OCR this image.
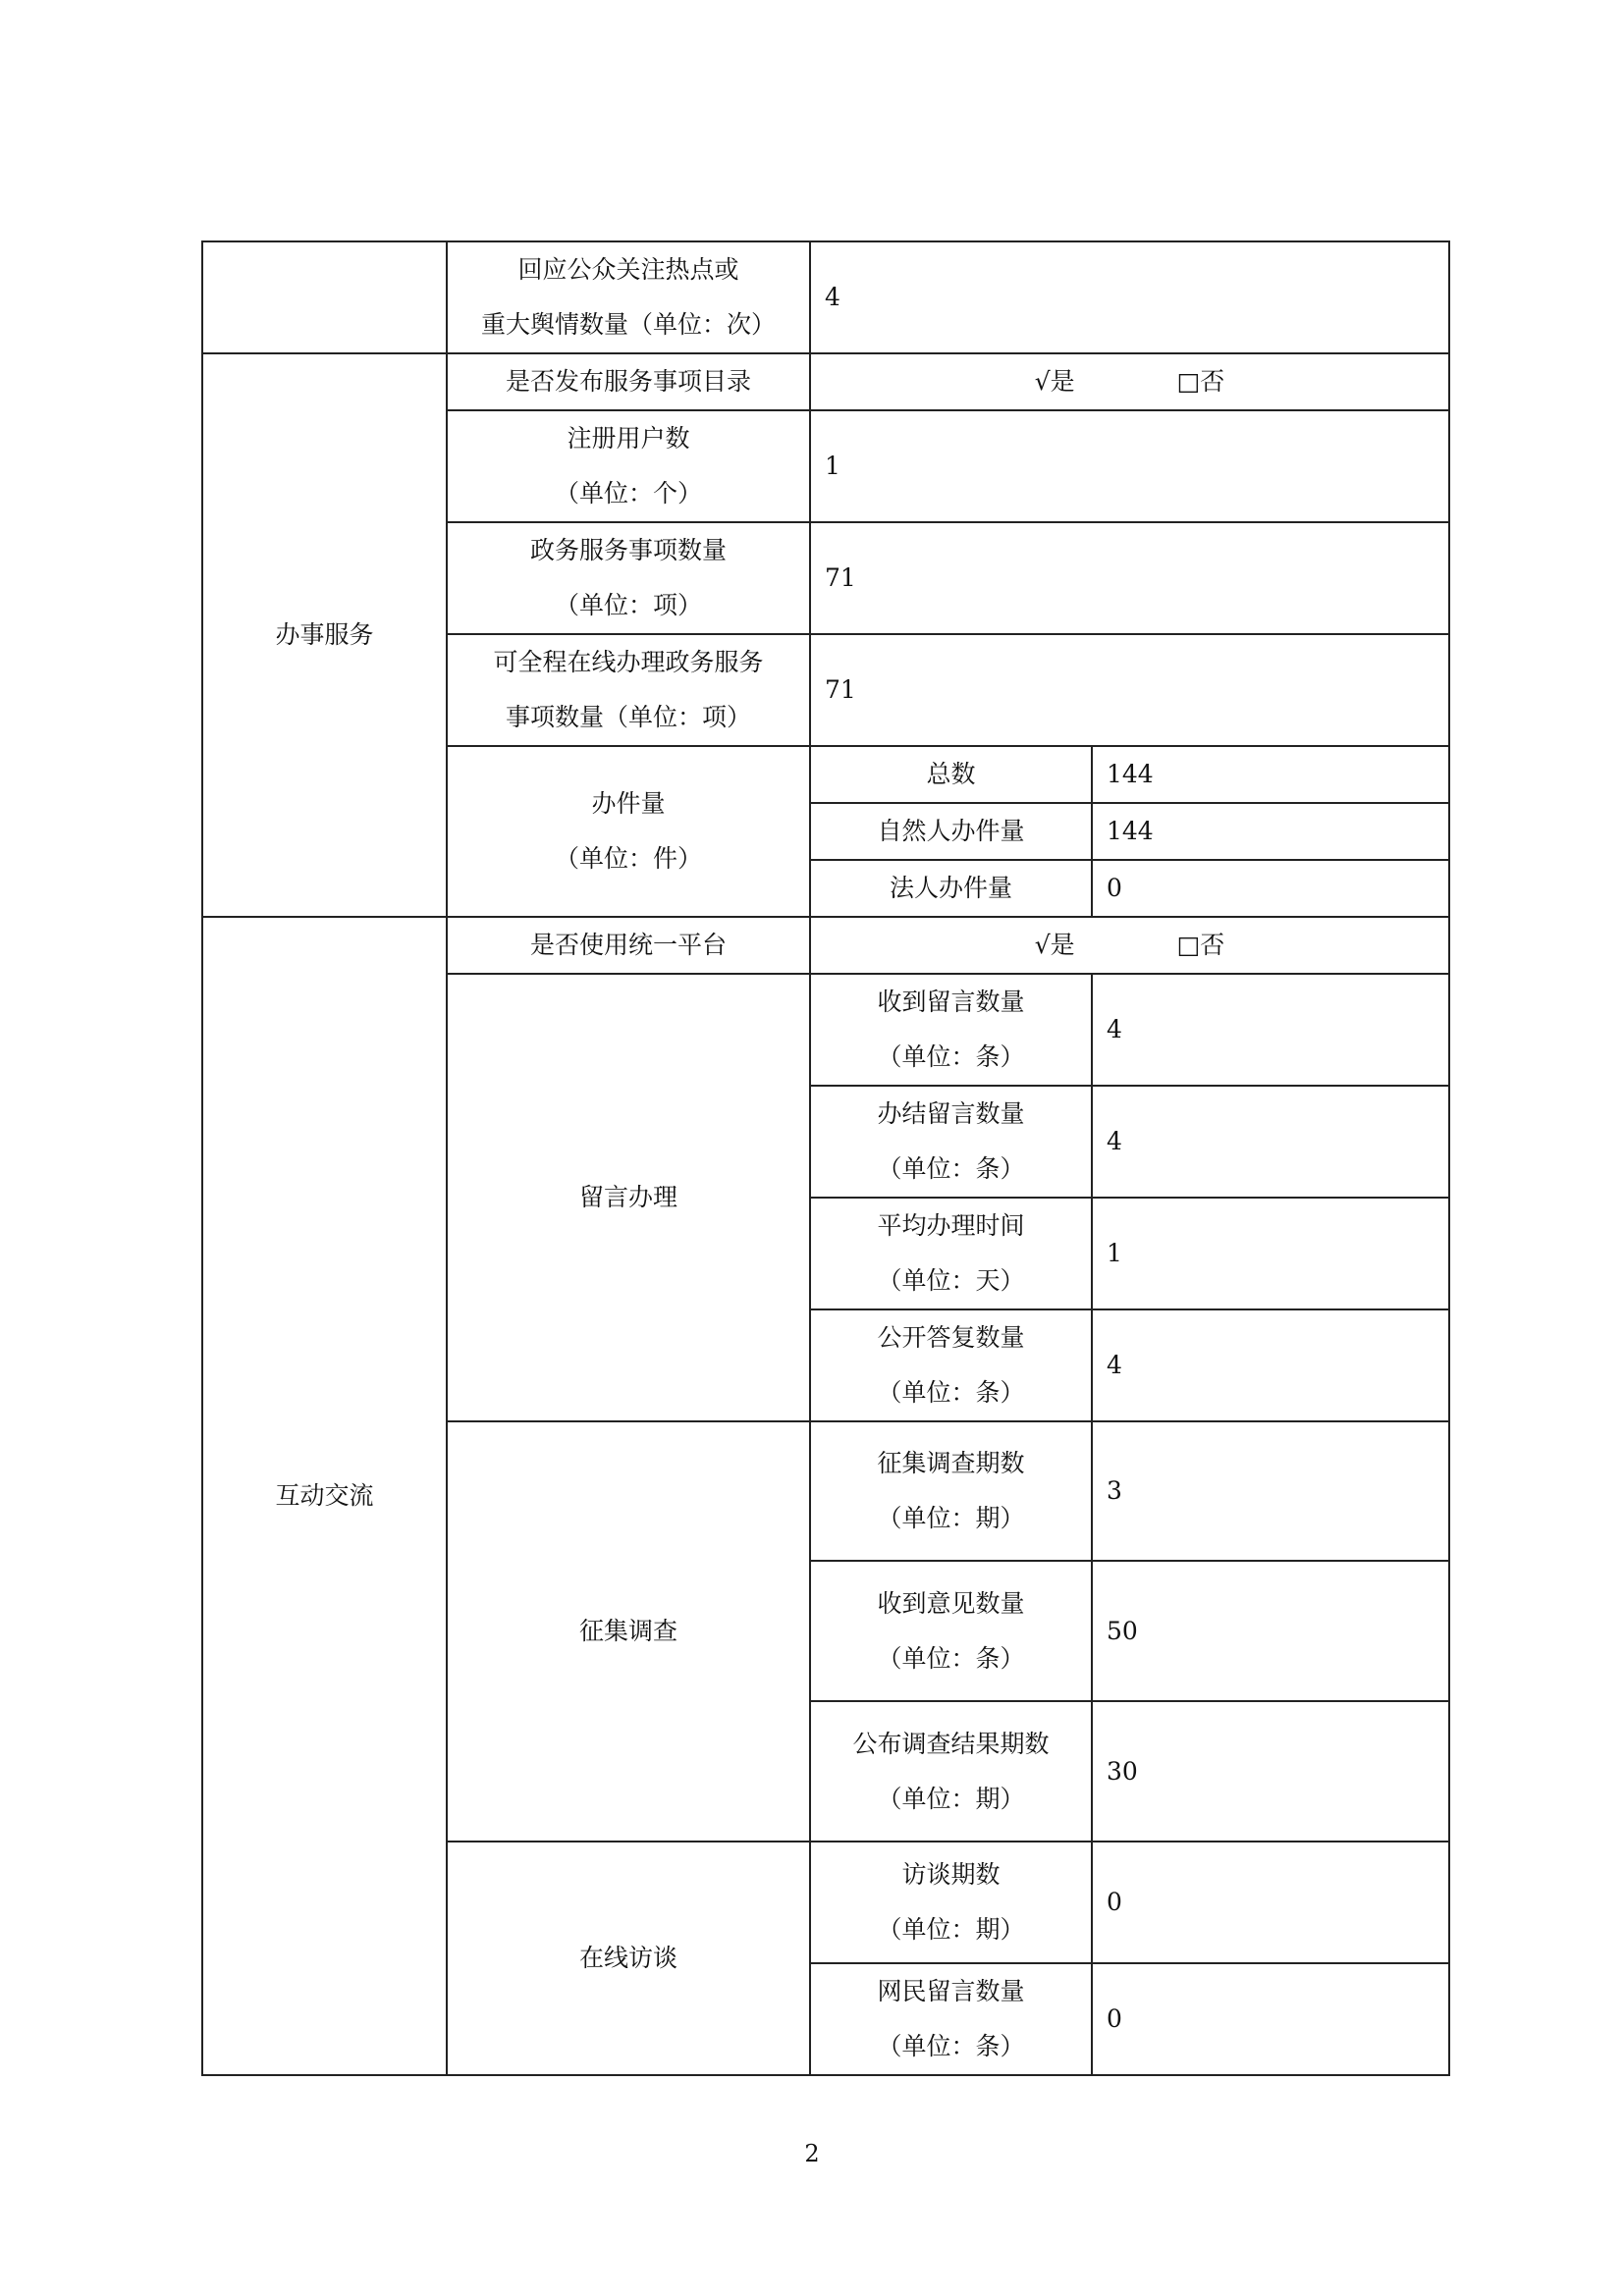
	回应公众关注热点或
重大舆情数量（单位：次）	4	
办事服务	是否发布服务事项目录	√是 □否	

	注册用户数
（单位：个）	1	

	政务服务事项数量
（单位：项）	71	

	可全程在线办理政务服务
事项数量（单位：项）	71	

	办件量
（单位：件）	总数	144
		自然人办件量	144
		法人办件量	0
互动交流	是否使用统一平台	√是 □否	
	留言办理	收到留言数量
（单位：条）	4

		办结留言数量
（单位：条）	4

		平均办理时间
（单位：天）	1

		公开答复数量
（单位：条）	4
	征集调查	征集调查期数
（单位：期）	3

		收到意见数量
（单位：条）	50

		公布调查结果期数
（单位：期）	30
	在线访谈	访谈期数
（单位：期）	0

		网民留言数量
（单位：条）	0
2
